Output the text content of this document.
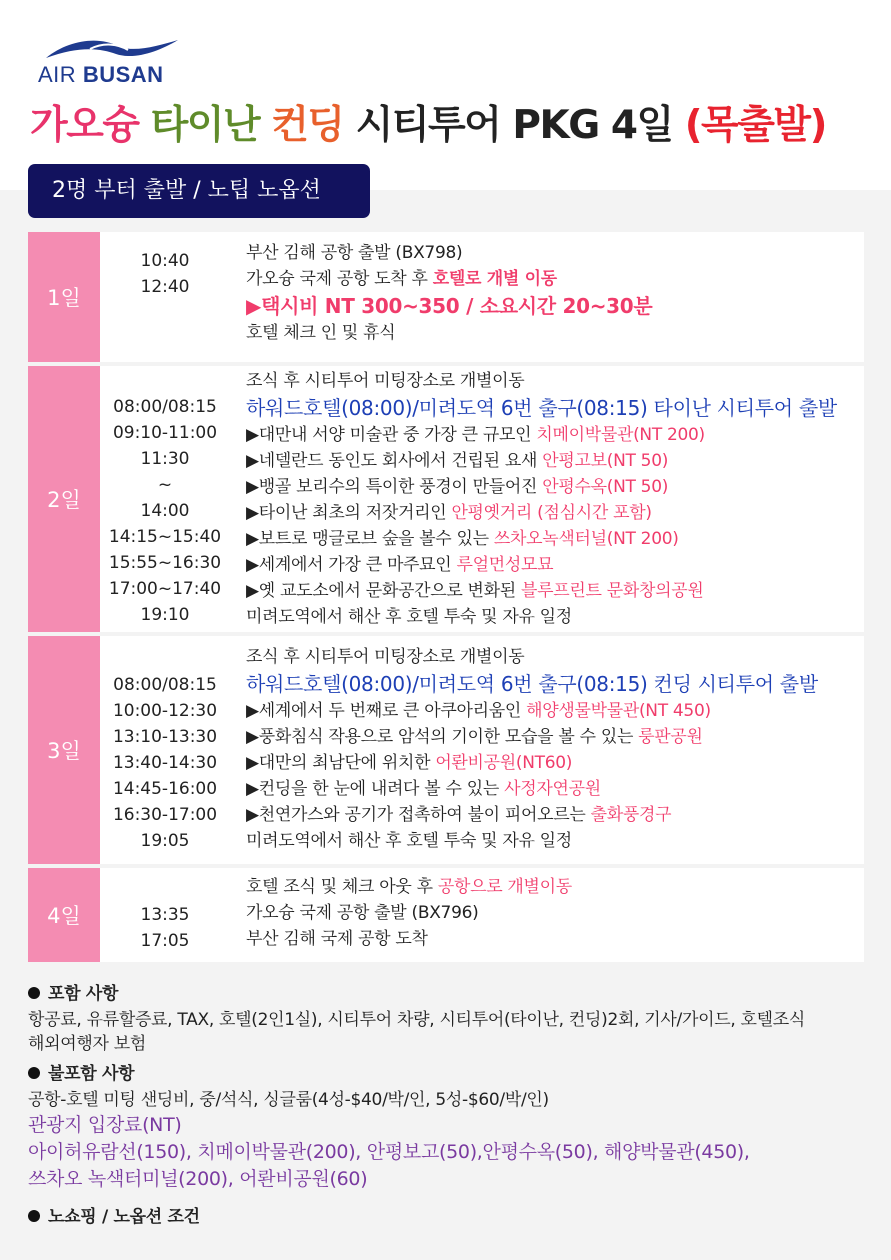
AIR BUSAN
가오슝 타이난 컨딩 시티투어 PKG 4일 (목출발)
2명 부터 출발 / 노팁 노옵션
1일
10:40
12:40
부산 김해 공항 출발 (BX798)
가오슝 국제 공항 도착 후 호텔로 개별 이동
▶택시비 NT 300~350 / 소요시간 20~30분
호텔 체크 인 및 휴식
2일
08:00/08:15
09:10-11:00
11:30
~
14:00
14:15~15:40
15:55~16:30
17:00~17:40
19:10
조식 후 시티투어 미팅장소로 개별이동
하워드호텔(08:00)/미려도역 6번 출구(08:15) 타이난 시티투어 출발
▶대만내 서양 미술관 중 가장 큰 규모인 치메이박물관(NT 200)
▶네델란드 동인도 회사에서 건립된 요새 안평고보(NT 50)
▶뱅골 보리수의 특이한 풍경이 만들어진 안평수옥(NT 50)
▶타이난 최초의 저잣거리인 안평옛거리 (점심시간 포함)
▶보트로 맹글로브 숲을 볼수 있는 쓰차오녹색터널(NT 200)
▶세계에서 가장 큰 마주묘인 루얼먼성모묘
▶옛 교도소에서 문화공간으로 변화된 블루프린트 문화창의공원
미려도역에서 해산 후 호텔 투숙 및 자유 일정
3일
08:00/08:15
10:00-12:30
13:10-13:30
13:40-14:30
14:45-16:00
16:30-17:00
19:05
조식 후 시티투어 미팅장소로 개별이동
하워드호텔(08:00)/미려도역 6번 출구(08:15) 컨딩 시티투어 출발
▶세계에서 두 번째로 큰 아쿠아리움인 해양생물박물관(NT 450)
▶풍화침식 작용으로 암석의 기이한 모습을 볼 수 있는 룽판공원
▶대만의 최남단에 위치한 어롼비공원(NT60)
▶컨딩을 한 눈에 내려다 볼 수 있는 사정자연공원
▶천연가스와 공기가 접촉하여 불이 피어오르는 출화풍경구
미려도역에서 해산 후 호텔 투숙 및 자유 일정
4일	13:35
17:05
호텔 조식 및 체크 아웃 후 공항으로 개별이동
가오슝 국제 공항 출발 (BX796)
부산 김해 국제 공항 도착
포함 사항
항공료, 유류할증료, TAX, 호텔(2인1실), 시티투어 차량, 시티투어(타이난, 컨딩)2회, 기사/가이드, 호텔조식
해외여행자 보험
불포함 사항
공항-호텔 미팅 샌딩비, 중/석식, 싱글룸(4성-$40/박/인, 5성-$60/박/인)
관광지 입장료(NT)
아이허유람선(150), 치메이박물관(200), 안평보고(50),안평수옥(50), 해양박물관(450),
쓰차오 녹색터미널(200), 어롼비공원(60)
노쇼핑 / 노옵션 조건
